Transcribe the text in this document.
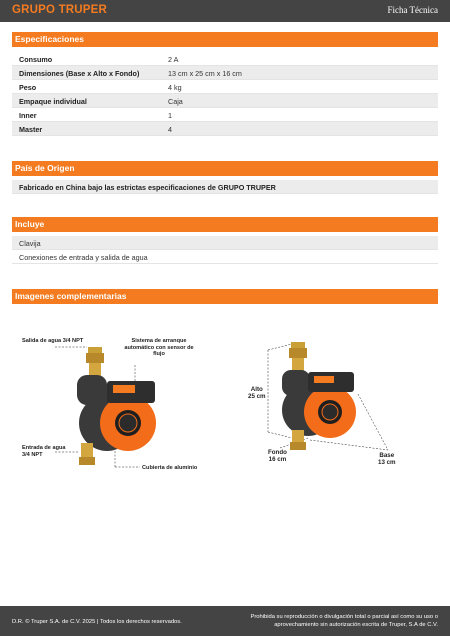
GRUPO TRUPER	Ficha Técnica
Especificaciones
Consumo	2 A
Dimensiones (Base x Alto x Fondo)	13 cm x 25 cm x 16 cm
Peso	4 kg
Empaque individual	Caja
Inner	1
Master	4
País de Origen
Fabricado en China bajo las estrictas especificaciones de GRUPO TRUPER
Incluye
Clavija
Conexiones de entrada y salida de agua
Imagenes complementarias
Salida de agua 3/4 NPT	Sistema de arranque automático con sensor de flujo
Entrada de agua 3/4 NPT
Cubierta de aluminio
Alto
25 cm
Fondo
16 cm
Base
13 cm
D.R. © Truper S.A. de C.V. 2025 | Todos los derechos reservados.
Prohibida su reproducción o divulgación total o parcial así como su uso o
aprovechamiento sin autorización escrita de Truper, S.A de C.V.
